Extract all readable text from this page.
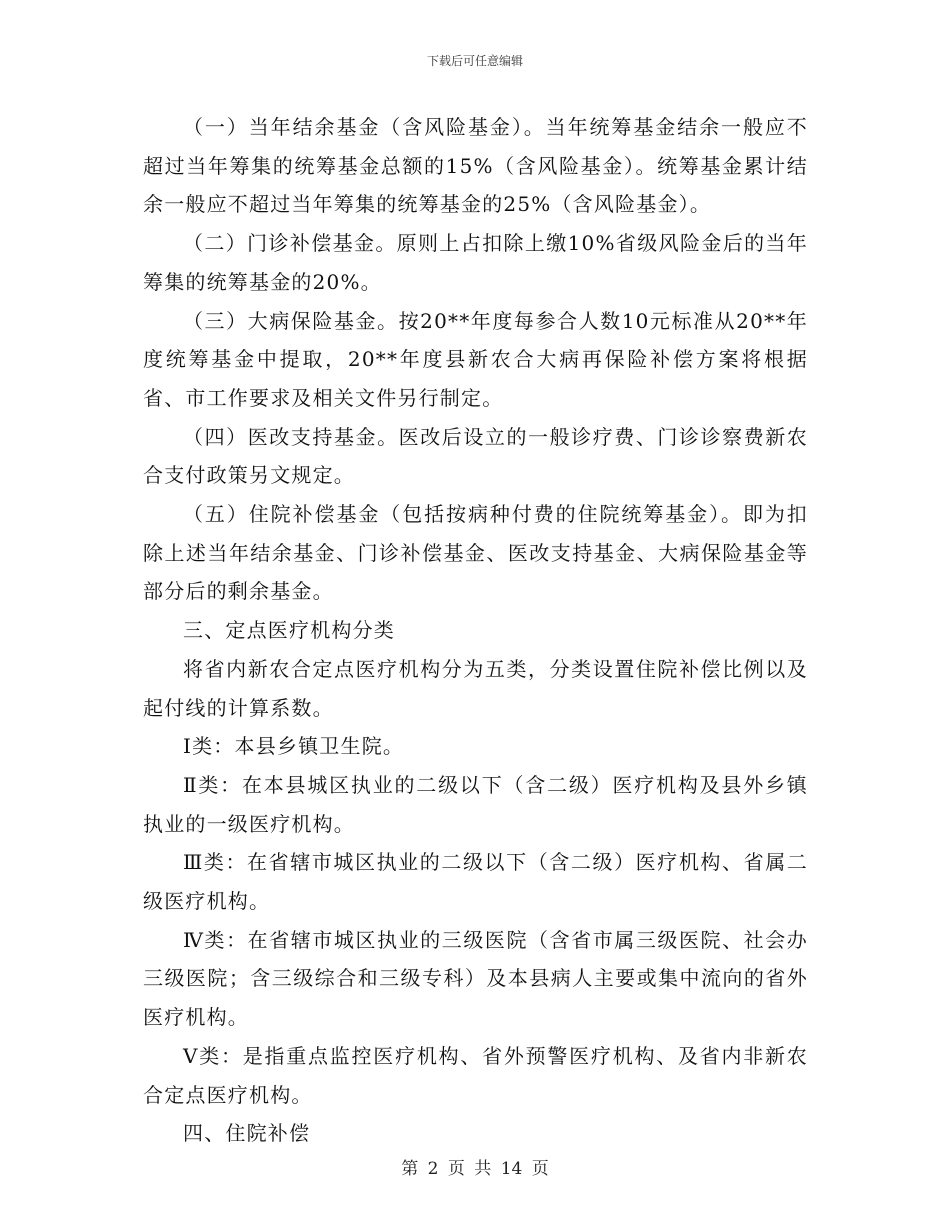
下载后可任意编辑

（一）当年结余基金（含风险基金）。当年统筹基金结余一般应不超过当年筹集的统筹基金总额的15%（含风险基金）。统筹基金累计结余一般应不超过当年筹集的统筹基金的25%（含风险基金）。

（二）门诊补偿基金。原则上占扣除上缴10%省级风险金后的当年筹集的统筹基金的20%。

（三）大病保险基金。按20**年度每参合人数10元标准从20**年度统筹基金中提取，20**年度县新农合大病再保险补偿方案将根据省、市工作要求及相关文件另行制定。

（四）医改支持基金。医改后设立的一般诊疗费、门诊诊察费新农合支付政策另文规定。

（五）住院补偿基金（包括按病种付费的住院统筹基金）。即为扣除上述当年结余基金、门诊补偿基金、医改支持基金、大病保险基金等部分后的剩余基金。

三、定点医疗机构分类

将省内新农合定点医疗机构分为五类，分类设置住院补偿比例以及起付线的计算系数。

Ⅰ类：本县乡镇卫生院。

Ⅱ类：在本县城区执业的二级以下（含二级）医疗机构及县外乡镇执业的一级医疗机构。

Ⅲ类：在省辖市城区执业的二级以下（含二级）医疗机构、省属二级医疗机构。

Ⅳ类：在省辖市城区执业的三级医院（含省市属三级医院、社会办三级医院；含三级综合和三级专科）及本县病人主要或集中流向的省外医疗机构。

Ⅴ类：是指重点监控医疗机构、省外预警医疗机构、及省内非新农合定点医疗机构。

四、住院补偿

第 2 页 共 14 页
